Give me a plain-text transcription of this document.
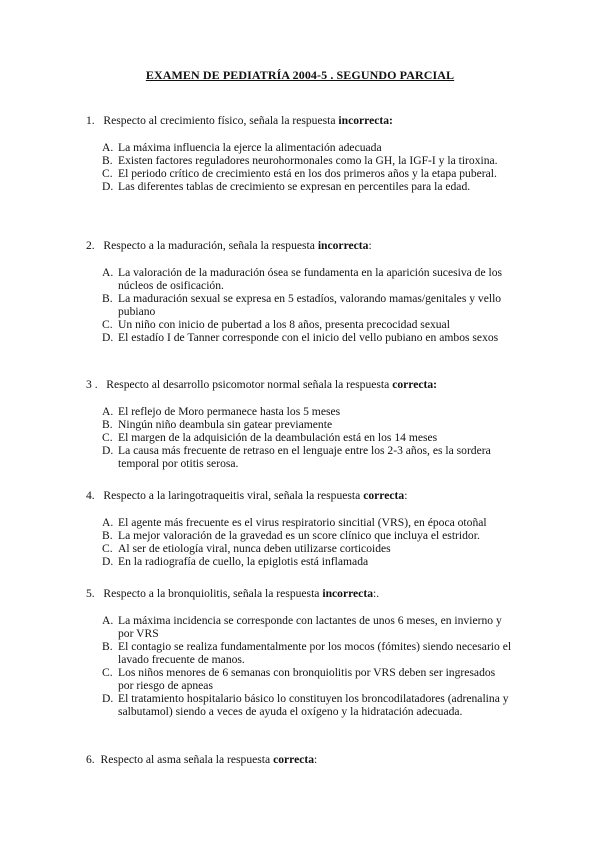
EXAMEN DE PEDIATRÍA 2004-5 . SEGUNDO PARCIAL
1. Respecto al crecimiento físico, señala la respuesta incorrecta:
A. La máxima influencia la ejerce la alimentación adecuada
B. Existen factores reguladores neurohormonales como la GH, la IGF-I y la tiroxina.
C. El periodo crítico de crecimiento está en los dos primeros años y la etapa puberal.
D. Las diferentes tablas de crecimiento se expresan en percentiles para la edad.
2. Respecto a la maduración, señala la respuesta incorrecta:
A. La valoración de la maduración ósea se fundamenta en la aparición sucesiva de los núcleos de osificación.
B. La maduración sexual se expresa en 5 estadíos, valorando mamas/genitales y vello pubiano
C. Un niño con inicio de pubertad a los 8 años, presenta precocidad sexual
D. El estadío I de Tanner corresponde con el inicio del vello pubiano en ambos sexos
3 . Respecto al desarrollo psicomotor normal señala la respuesta correcta:
A. El reflejo de Moro permanece hasta los 5 meses
B. Ningún niño deambula sin gatear previamente
C. El margen de la adquisición de la deambulación está en los 14 meses
D. La causa más frecuente de retraso en el lenguaje entre los 2-3 años, es la sordera temporal por otitis serosa.
4. Respecto a la laringotraqueitis viral, señala la respuesta correcta:
A. El agente más frecuente es el virus respiratorio sincitial (VRS), en época otoñal
B. La mejor valoración de la gravedad es un score clínico que incluya el estridor.
C. Al ser de etiología viral, nunca deben utilizarse corticoides
D. En la radiografía de cuello, la epiglotis está inflamada
5. Respecto a la bronquiolitis, señala la respuesta incorrecta:.
A. La máxima incidencia se corresponde con lactantes de unos 6 meses, en invierno y por VRS
B. El contagio se realiza fundamentalmente por los mocos (fómites) siendo necesario el lavado frecuente de manos.
C. Los niños menores de 6 semanas con bronquiolitis por VRS deben ser ingresados por riesgo de apneas
D. El tratamiento hospitalario básico lo constituyen los broncodilatadores (adrenalina y salbutamol) siendo a veces de ayuda el oxígeno y la hidratación adecuada.
6. Respecto al asma señala la respuesta correcta:
